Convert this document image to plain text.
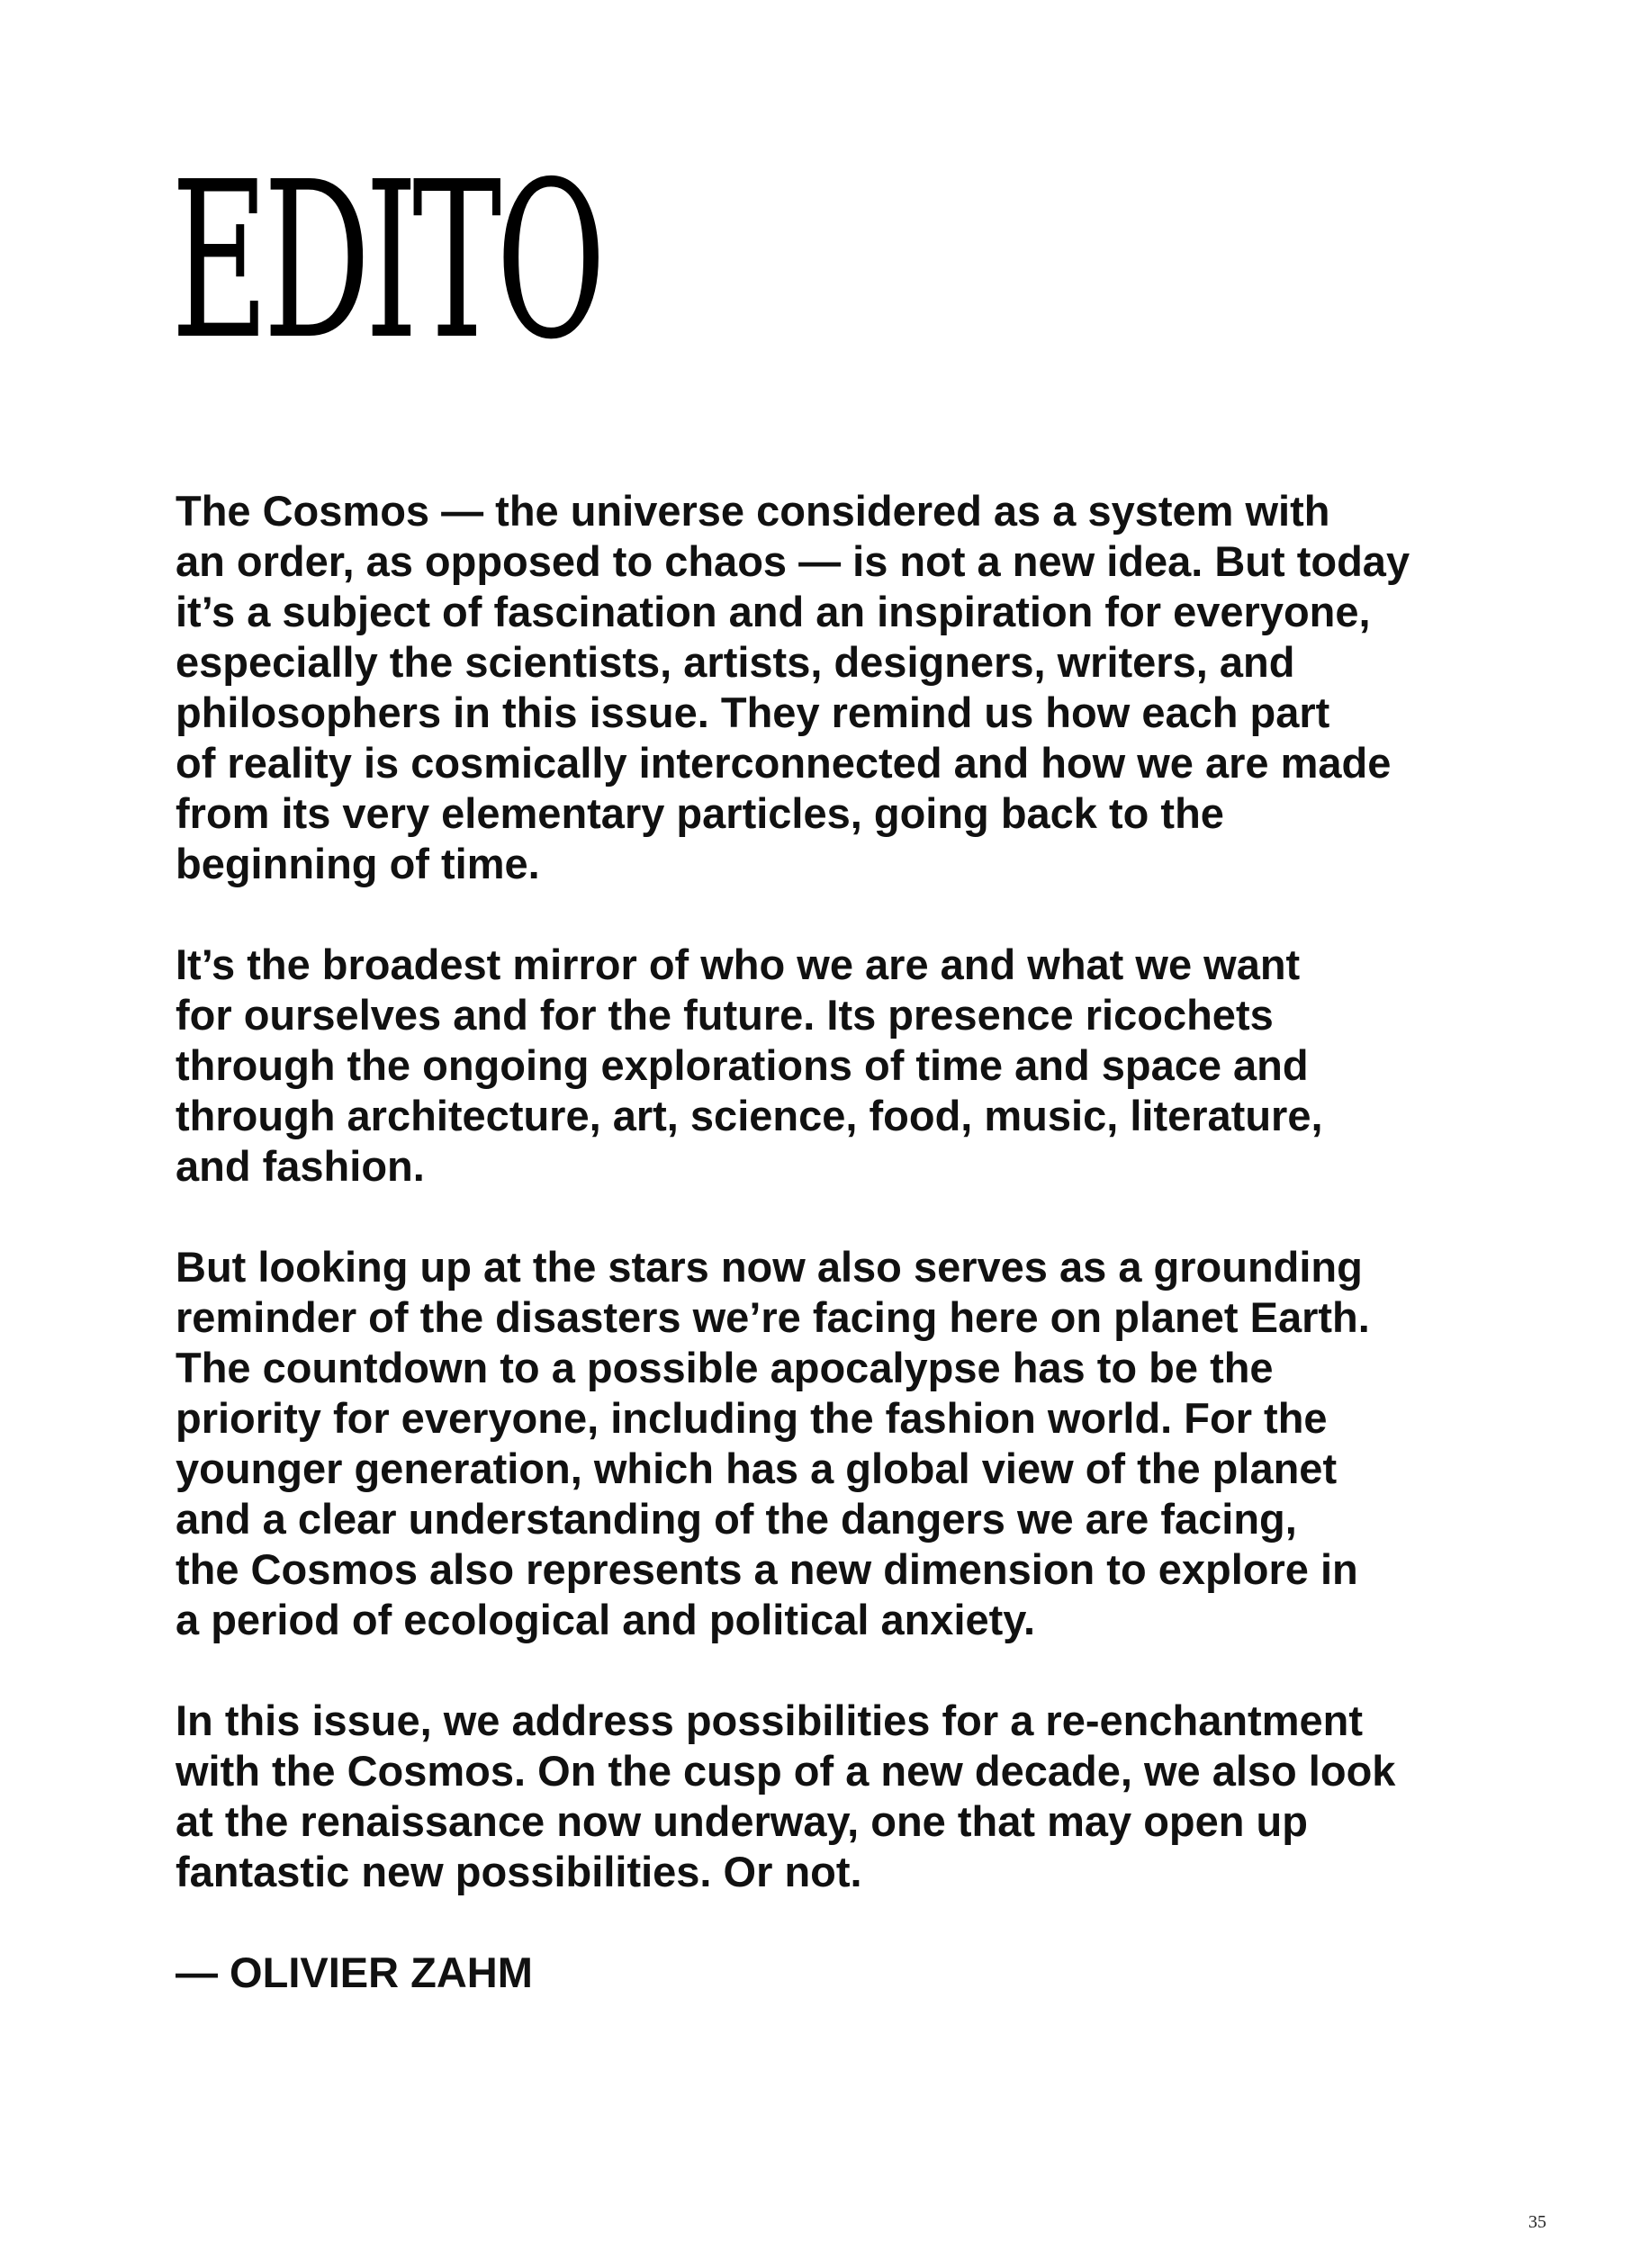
EDITO

The Cosmos — the universe considered as a system with
an order, as opposed to chaos — is not a new idea. But today
it’s a subject of fascination and an inspiration for everyone,
especially the scientists, artists, designers, writers, and
philosophers in this issue. They remind us how each part
of reality is cosmically interconnected and how we are made
from its very elementary particles, going back to the
beginning of time.

It’s the broadest mirror of who we are and what we want
for ourselves and for the future. Its presence ricochets
through the ongoing explorations of time and space and
through architecture, art, science, food, music, literature,
and fashion.

But looking up at the stars now also serves as a grounding
reminder of the disasters we’re facing here on planet Earth.
The countdown to a possible apocalypse has to be the
priority for everyone, including the fashion world. For the
younger generation, which has a global view of the planet
and a clear understanding of the dangers we are facing,
the Cosmos also represents a new dimension to explore in
a period of ecological and political anxiety.

In this issue, we address possibilities for a re-enchantment
with the Cosmos. On the cusp of a new decade, we also look
at the renaissance now underway, one that may open up
fantastic new possibilities. Or not.

— OLIVIER ZAHM

35
